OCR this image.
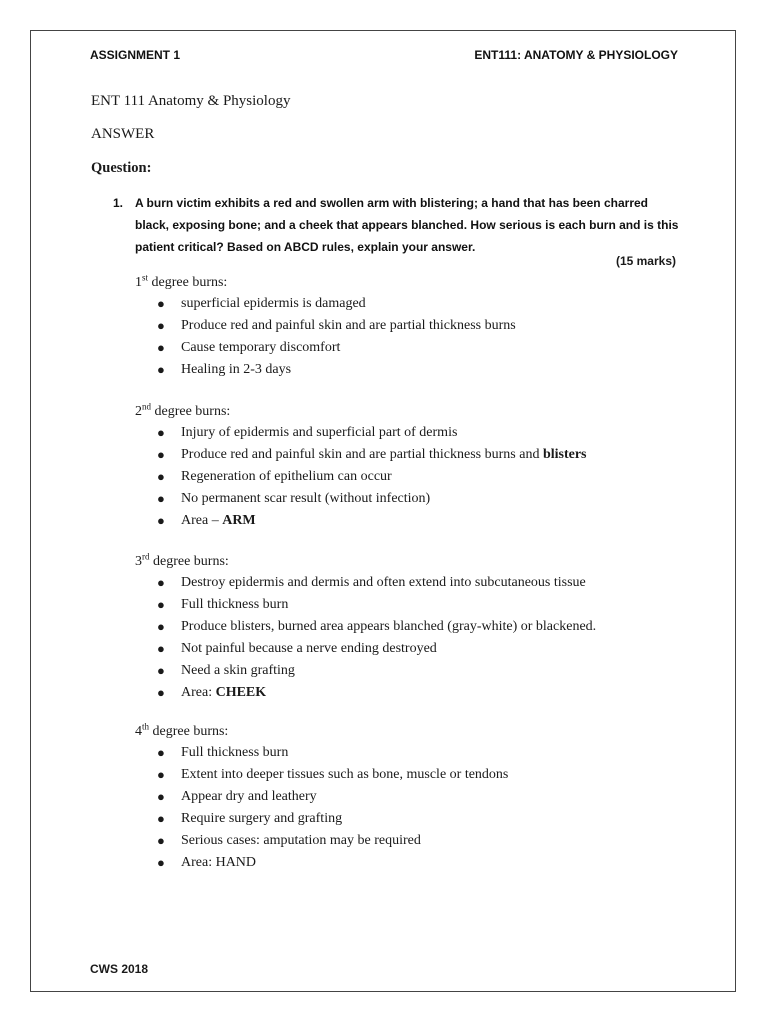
ASSIGNMENT 1	ENT111: ANATOMY & PHYSIOLOGY
ENT 111 Anatomy & Physiology
ANSWER
Question:
1. A burn victim exhibits a red and swollen arm with blistering; a hand that has been charred black, exposing bone; and a cheek that appears blanched. How serious is each burn and is this patient critical? Based on ABCD rules, explain your answer.
(15 marks)
1st degree burns:
● superficial epidermis is damaged
● Produce red and painful skin and are partial thickness burns
● Cause temporary discomfort
● Healing in 2-3 days
2nd degree burns:
● Injury of epidermis and superficial part of dermis
● Produce red and painful skin and are partial thickness burns and blisters
● Regeneration of epithelium can occur
● No permanent scar result (without infection)
● Area – ARM
3rd degree burns:
● Destroy epidermis and dermis and often extend into subcutaneous tissue
● Full thickness burn
● Produce blisters, burned area appears blanched (gray-white) or blackened.
● Not painful because a nerve ending destroyed
● Need a skin grafting
● Area: CHEEK
4th degree burns:
● Full thickness burn
● Extent into deeper tissues such as bone, muscle or tendons
● Appear dry and leathery
● Require surgery and grafting
● Serious cases: amputation may be required
● Area: HAND
CWS 2018
